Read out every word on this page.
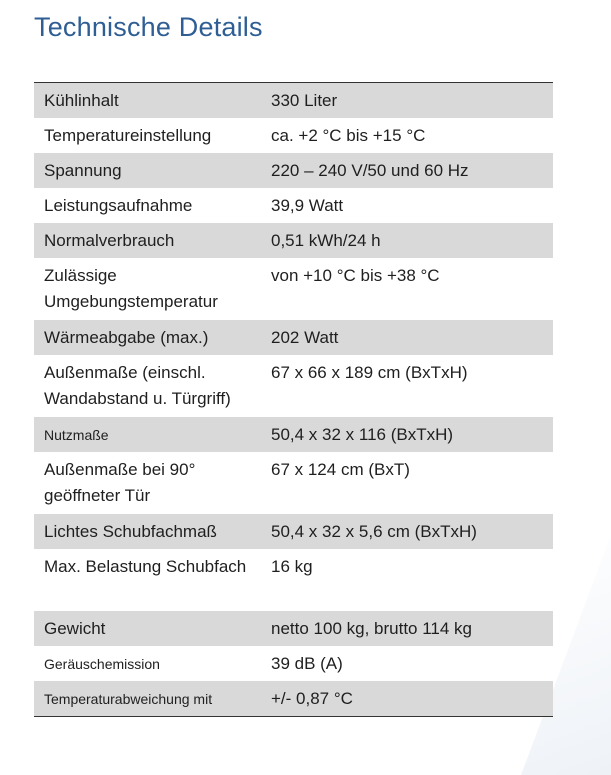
Technische Details
Kühlinhalt	330 Liter
Temperatureinstellung	ca. +2 °C bis +15 °C
Spannung	220 – 240 V/50 und 60 Hz
Leistungsaufnahme	39,9 Watt
Normalverbrauch	0,51 kWh/24 h
Zulässige Umgebungstemperatur	von +10 °C bis +38 °C
Wärmeabgabe (max.)	202 Watt
Außenmaße (einschl. Wandabstand u. Türgriff)	67 x 66 x 189 cm (BxTxH)
Nutzmaße	50,4 x 32 x 116 (BxTxH)
Außenmaße bei 90° geöffneter Tür	67 x 124 cm (BxT)
Lichtes Schubfachmaß	50,4 x 32 x 5,6 cm (BxTxH)
Max. Belastung Schubfach	16 kg
Gewicht	netto 100 kg, brutto 114 kg
Geräuschemission	39 dB (A)
Temperaturabweichung mit	+/- 0,87 °C
